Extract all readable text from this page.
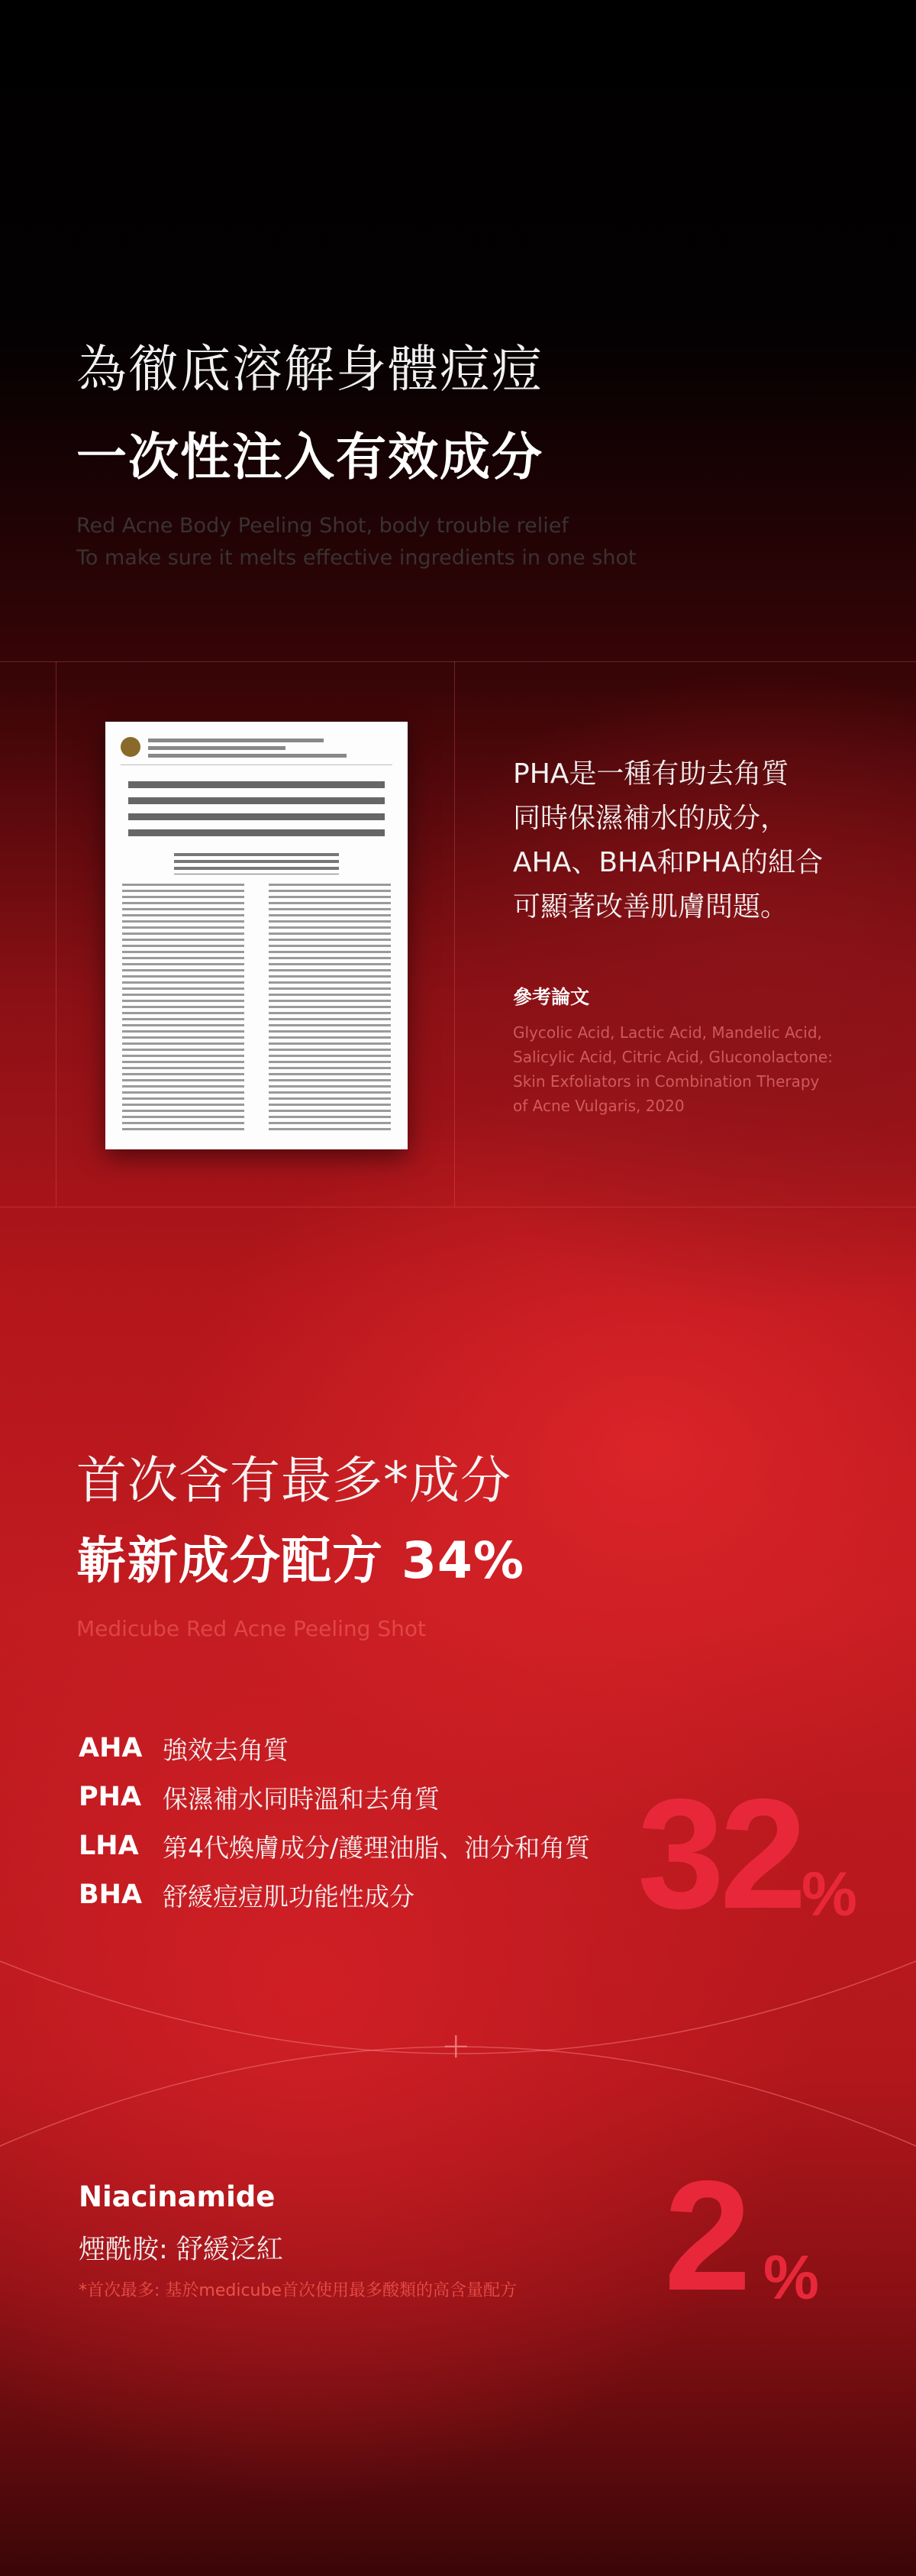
為徹底溶解身體痘痘
一次性注入有效成分
Red Acne Body Peeling Shot, body trouble relief
To make sure it melts effective ingredients in one shot
PHA是一種有助去角質
同時保濕補水的成分，
AHA、BHA和PHA的組合
可顯著改善肌膚問題。
參考論文
Glycolic Acid, Lactic Acid, Mandelic Acid,
Salicylic Acid, Citric Acid, Gluconolactone:
Skin Exfoliators in Combination Therapy
of Acne Vulgaris, 2020
首次含有最多*成分
嶄新成分配方 34%
Medicube Red Acne Peeling Shot
AHA 強效去角質
PHA 保濕補水同時溫和去角質
LHA 第4代煥膚成分/護理油脂、油分和角質
BHA 舒緩痘痘肌功能性成分 32
%
+
Niacinamide
煙酰胺: 舒緩泛紅
*首次最多: 基於medicube首次使用最多酸類的高含量配方 2 %
